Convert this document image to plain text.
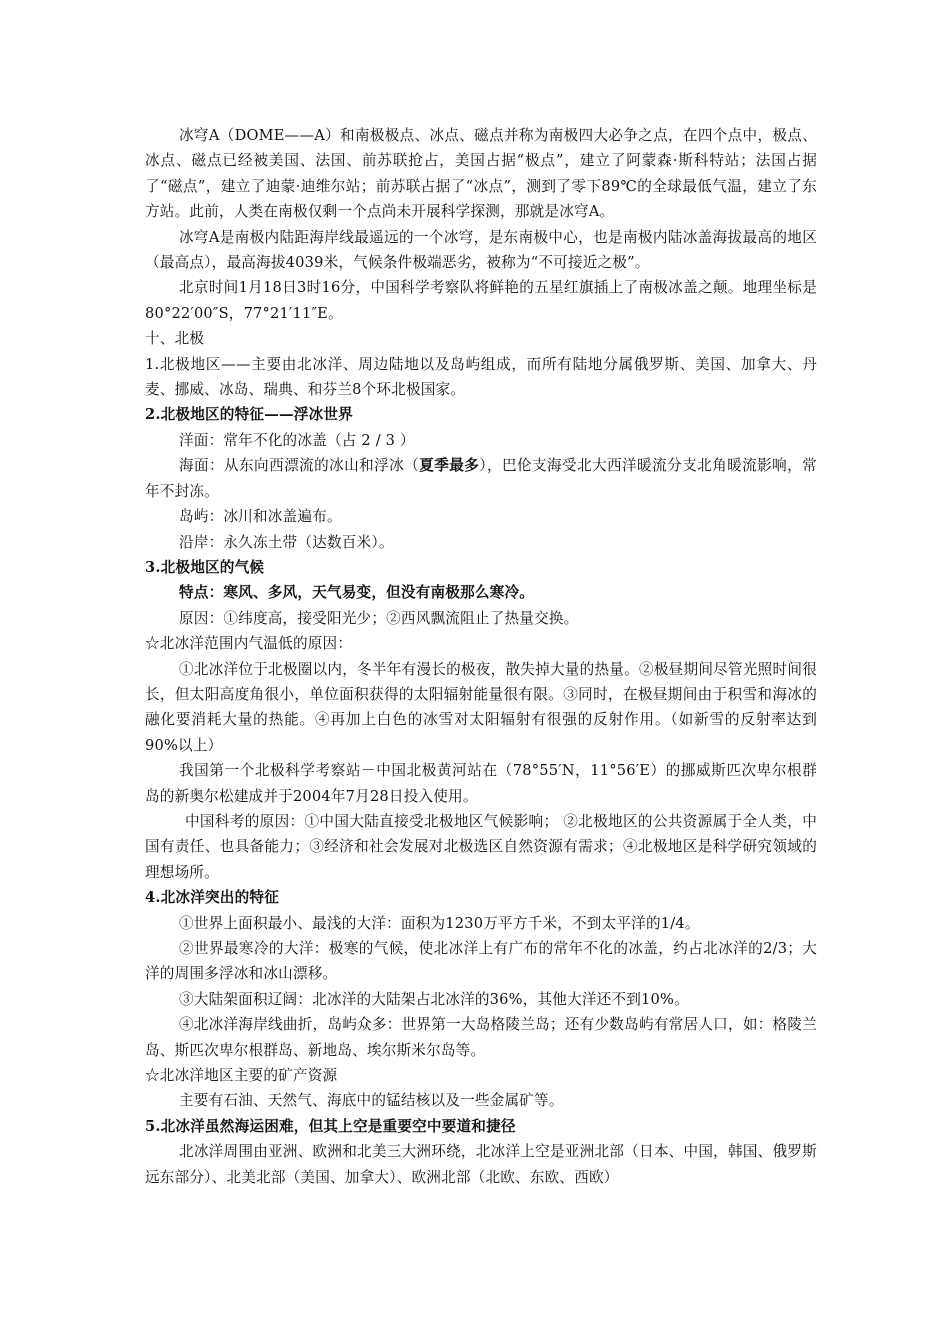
冰穹A（DOME——A）和南极极点、冰点、磁点并称为南极四大必争之点，在四个点中，极点、冰点、磁点已经被美国、法国、前苏联抢占，美国占据“极点”，建立了阿蒙森·斯科特站；法国占据了“磁点”，建立了迪蒙·迪维尔站；前苏联占据了“冰点”，测到了零下89℃的全球最低气温，建立了东方站。此前，人类在南极仅剩一个点尚未开展科学探测，那就是冰穹A。

冰穹A是南极内陆距海岸线最遥远的一个冰穹，是东南极中心，也是南极内陆冰盖海拔最高的地区（最高点），最高海拔4039米，气候条件极端恶劣，被称为“不可接近之极”。

北京时间1月18日3时16分，中国科学考察队将鲜艳的五星红旗插上了南极冰盖之颠。地理坐标是80°22′00″S，77°21′11″E。

十、北极

1.北极地区——主要由北冰洋、周边陆地以及岛屿组成，而所有陆地分属俄罗斯、美国、加拿大、丹麦、挪威、冰岛、瑞典、和芬兰8个环北极国家。

2.北极地区的特征——浮冰世界

洋面：常年不化的冰盖（占 2 / 3 ）

海面：从东向西漂流的冰山和浮冰（夏季最多），巴伦支海受北大西洋暖流分支北角暖流影响，常年不封冻。

岛屿：冰川和冰盖遍布。

沿岸：永久冻土带（达数百米）。

3.北极地区的气候

特点：寒风、多风，天气易变，但没有南极那么寒冷。

原因：①纬度高，接受阳光少；②西风飘流阻止了热量交换。

☆北冰洋范围内气温低的原因：

①北冰洋位于北极圈以内，冬半年有漫长的极夜，散失掉大量的热量。②极昼期间尽管光照时间很长，但太阳高度角很小，单位面积获得的太阳辐射能量很有限。③同时，在极昼期间由于积雪和海冰的融化要消耗大量的热能。④再加上白色的冰雪对太阳辐射有很强的反射作用。（如新雪的反射率达到90%以上）

我国第一个北极科学考察站－中国北极黄河站在（78°55′N，11°56′E）的挪威斯匹次卑尔根群岛的新奥尔松建成并于2004年7月28日投入使用。

中国科考的原因：①中国大陆直接受北极地区气候影响； ②北极地区的公共资源属于全人类，中国有责任、也具备能力；③经济和社会发展对北极选区自然资源有需求；④北极地区是科学研究领域的理想场所。

4.北冰洋突出的特征

①世界上面积最小、最浅的大洋：面积为1230万平方千米，不到太平洋的1/4。

②世界最寒冷的大洋：极寒的气候，使北冰洋上有广布的常年不化的冰盖，约占北冰洋的2/3；大洋的周围多浮冰和冰山漂移。

③大陆架面积辽阔：北冰洋的大陆架占北冰洋的36%，其他大洋还不到10%。

④北冰洋海岸线曲折，岛屿众多：世界第一大岛格陵兰岛；还有少数岛屿有常居人口，如：格陵兰岛、斯匹次卑尔根群岛、新地岛、埃尔斯米尔岛等。

☆北冰洋地区主要的矿产资源

主要有石油、天然气、海底中的锰结核以及一些金属矿等。

5.北冰洋虽然海运困难，但其上空是重要空中要道和捷径

北冰洋周围由亚洲、欧洲和北美三大洲环绕，北冰洋上空是亚洲北部（日本、中国，韩国、俄罗斯远东部分）、北美北部（美国、加拿大）、欧洲北部（北欧、东欧、西欧）
